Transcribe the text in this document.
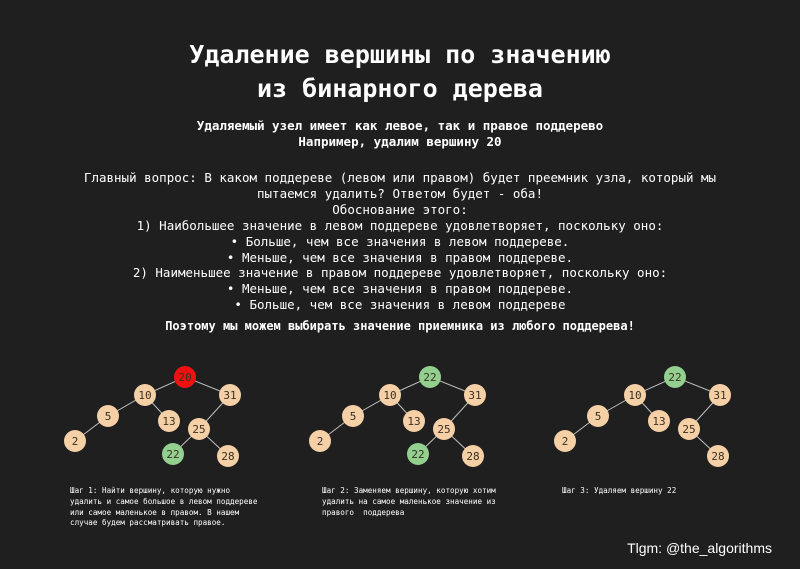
Удаление вершины по значению
из бинарного дерева
Удаляемый узел имеет как левое, так и правое поддерево
Например, удалим вершину 20
Главный вопрос: В каком поддереве (левом или правом) будет преемник узла, который мы
пытаемся удалить? Ответом будет - оба!
Обоснование этого:
1) Наибольшее значение в левом поддереве удовлетворяет, поскольку оно:
• Больше, чем все значения в левом поддереве.
• Меньше, чем все значения в правом поддереве.
2) Наименьшее значение в правом поддереве удовлетворяет, поскольку оно:
• Меньше, чем все значения в правом поддереве.
• Больше, чем все значения в левом поддереве
Поэтому мы можем выбирать значение приемника из любого поддерева!
20
10	31
5	13
25
2
22	28
22
10	31
5	13
25
2
22	28
22
10	31
5	13
25
2
28
Шаг 1: Найти вершину, которую нужно
удалить и самое большое в левом поддереве
или самое маленькое в правом. В нашем
случае будем рассматривать правое.
Шаг 2: Заменяем вершину, которую хотим
удалить на самое маленькое значение из
правого  поддерева
Шаг 3: Удаляем вершину 22
Tlgm: @the_algorithms
